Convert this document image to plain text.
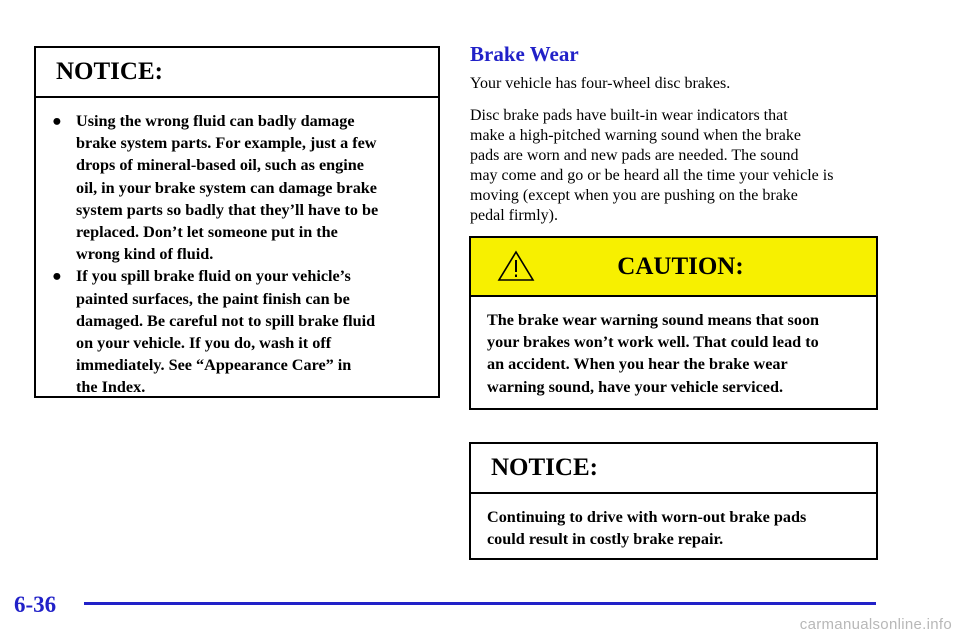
NOTICE:
● Using the wrong fluid can badly damage
brake system parts. For example, just a few
drops of mineral-based oil, such as engine
oil, in your brake system can damage brake
system parts so badly that they’ll have to be
replaced. Don’t let someone put in the
wrong kind of fluid.
● If you spill brake fluid on your vehicle’s
painted surfaces, the paint finish can be
damaged. Be careful not to spill brake fluid
on your vehicle. If you do, wash it off
immediately. See “Appearance Care” in
the Index.
Brake Wear
Your vehicle has four-wheel disc brakes.
Disc brake pads have built-in wear indicators that
make a high-pitched warning sound when the brake
pads are worn and new pads are needed. The sound
may come and go or be heard all the time your vehicle is
moving (except when you are pushing on the brake
pedal firmly).
CAUTION:
The brake wear warning sound means that soon
your brakes won’t work well. That could lead to
an accident. When you hear the brake wear
warning sound, have your vehicle serviced.
NOTICE:
Continuing to drive with worn-out brake pads
could result in costly brake repair.
6-36
carmanualsonline.info
